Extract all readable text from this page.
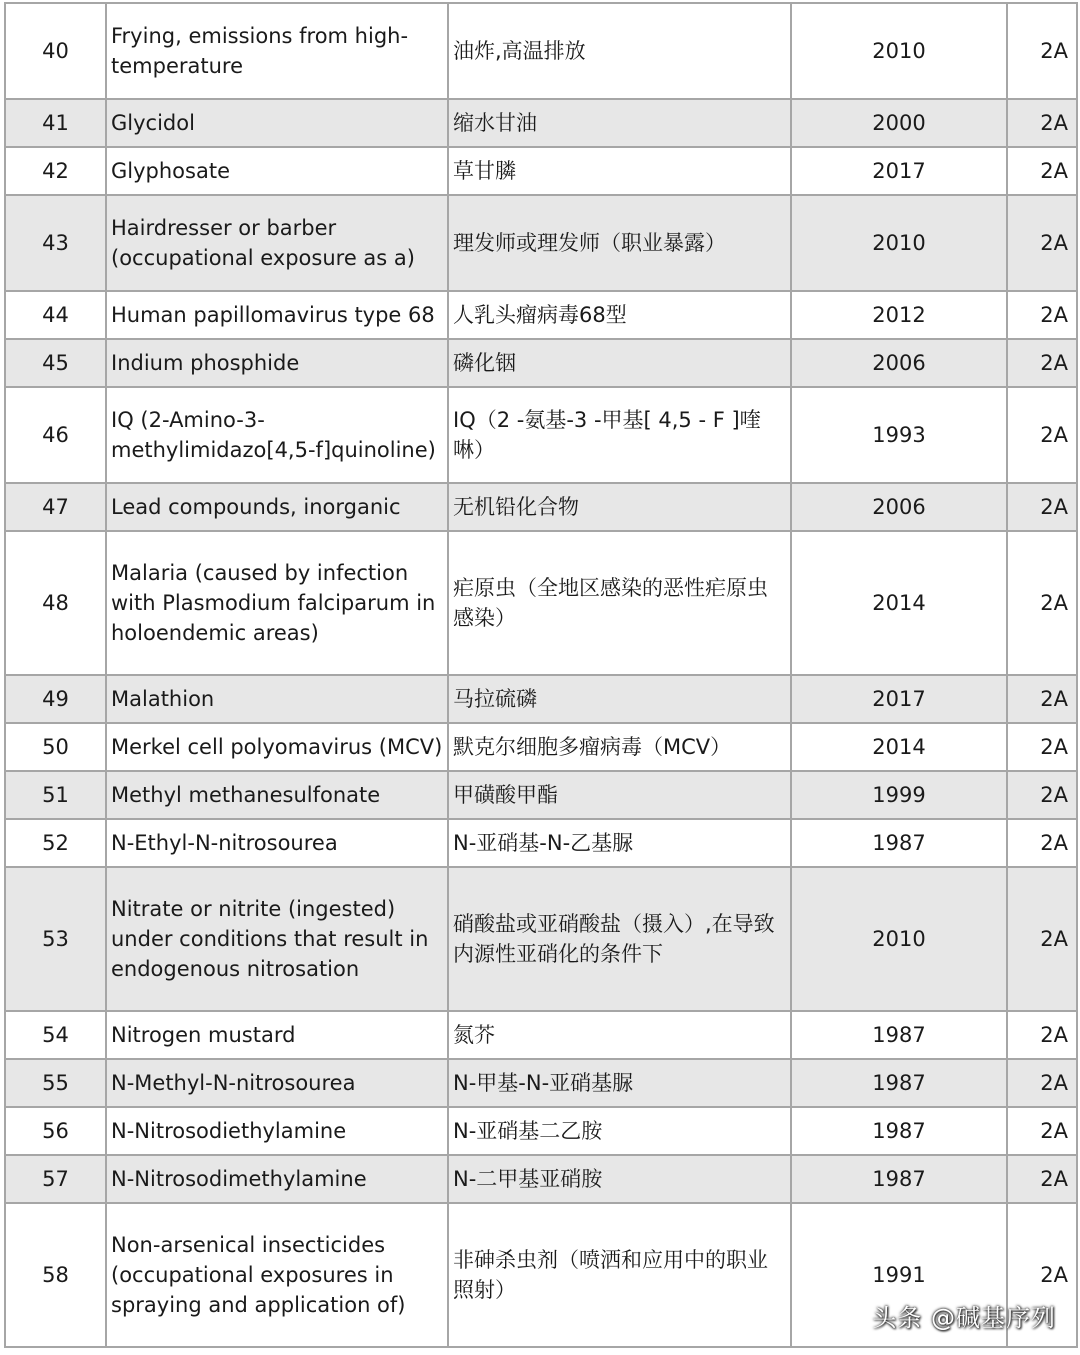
40	Frying, emissions from high-temperature	油炸,高温排放	2010	2A
41	Glycidol	缩水甘油	2000	2A
42	Glyphosate	草甘膦	2017	2A
43	Hairdresser or barber (occupational exposure as a)	理发师或理发师（职业暴露）	2010	2A
44	Human papillomavirus type 68	人乳头瘤病毒68型	2012	2A
45	Indium phosphide	磷化铟	2006	2A
46	IQ (2-Amino-3-methylimidazo[4,5-f]quinoline)	IQ（2 -氨基-3 -甲基[ 4,5 - F ]喹啉）	1993	2A
47	Lead compounds, inorganic	无机铅化合物	2006	2A
48	Malaria (caused by infection with Plasmodium falciparum in holoendemic areas)	疟原虫（全地区感染的恶性疟原虫感染）	2014	2A
49	Malathion	马拉硫磷	2017	2A
50	Merkel cell polyomavirus (MCV)	默克尔细胞多瘤病毒（MCV）	2014	2A
51	Methyl methanesulfonate	甲磺酸甲酯	1999	2A
52	N-Ethyl-N-nitrosourea	N-亚硝基-N-乙基脲	1987	2A
53	Nitrate or nitrite (ingested) under conditions that result in endogenous nitrosation	硝酸盐或亚硝酸盐（摄入）,在导致内源性亚硝化的条件下	2010	2A
54	Nitrogen mustard	氮芥	1987	2A
55	N-Methyl-N-nitrosourea	N-甲基-N-亚硝基脲	1987	2A
56	N-Nitrosodiethylamine	N-亚硝基二乙胺	1987	2A
57	N-Nitrosodimethylamine	N-二甲基亚硝胺	1987	2A
58	Non-arsenical insecticides (occupational exposures in spraying and application of)	非砷杀虫剂（喷洒和应用中的职业照射）	1991	2A
头条 @碱基序列
